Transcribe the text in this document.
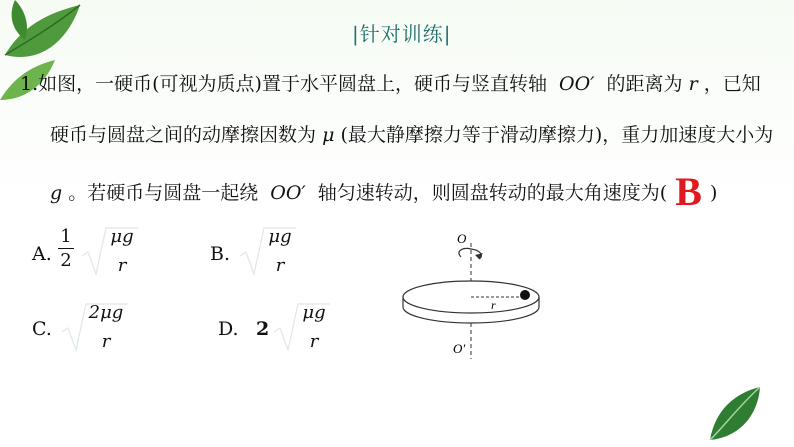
|针对训练|
1.如图，一硬币(可视为质点)置于水平圆盘上，硬币与竖直转轴 OO′ 的距离为 r ，已知
硬币与圆盘之间的动摩擦因数为 μ (最大静摩擦力等于滑动摩擦力)，重力加速度大小为
g 。若硬币与圆盘一起绕 OO′ 轴匀速转动，则圆盘转动的最大角速度为( B )
A.
1
2
μg
r
B.
μg
r
C.
2μg
r
D. 2
μg
r
O
r
O′
